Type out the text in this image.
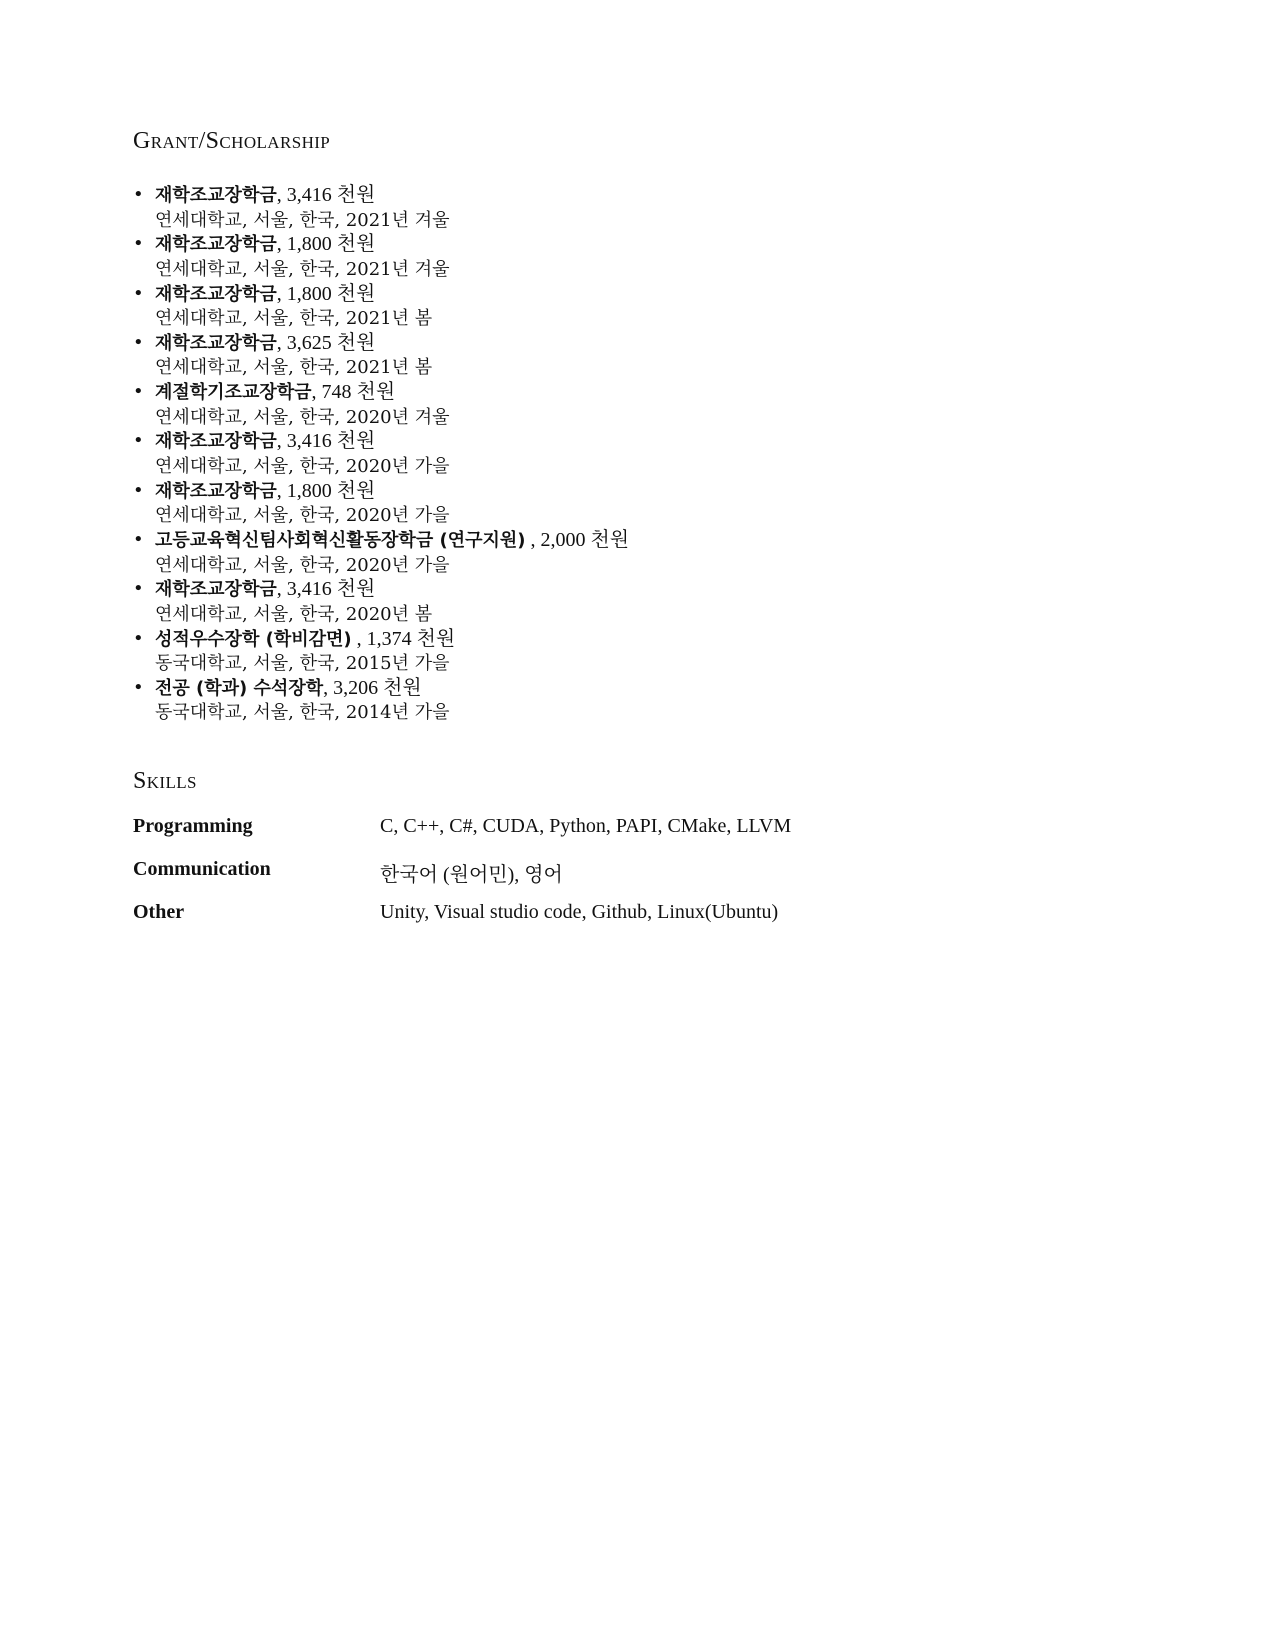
Grant/Scholarship
• 재학조교장학금, 3,416 천원
연세대학교, 서울, 한국, 2021년 겨울
• 재학조교장학금, 1,800 천원
연세대학교, 서울, 한국, 2021년 겨울
• 재학조교장학금, 1,800 천원
연세대학교, 서울, 한국, 2021년 봄
• 재학조교장학금, 3,625 천원
연세대학교, 서울, 한국, 2021년 봄
• 계절학기조교장학금, 748 천원
연세대학교, 서울, 한국, 2020년 겨울
• 재학조교장학금, 3,416 천원
연세대학교, 서울, 한국, 2020년 가을
• 재학조교장학금, 1,800 천원
연세대학교, 서울, 한국, 2020년 가을
• 고등교육혁신팀사회혁신활동장학금 (연구지원) , 2,000 천원
연세대학교, 서울, 한국, 2020년 가을
• 재학조교장학금, 3,416 천원
연세대학교, 서울, 한국, 2020년 봄
• 성적우수장학 (학비감면) , 1,374 천원
동국대학교, 서울, 한국, 2015년 가을
• 전공 (학과) 수석장학, 3,206 천원
동국대학교, 서울, 한국, 2014년 가을
Skills
Programming	C, C++, C#, CUDA, Python, PAPI, CMake, LLVM
Communication	한국어 (원어민), 영어
Other	Unity, Visual studio code, Github, Linux(Ubuntu)
